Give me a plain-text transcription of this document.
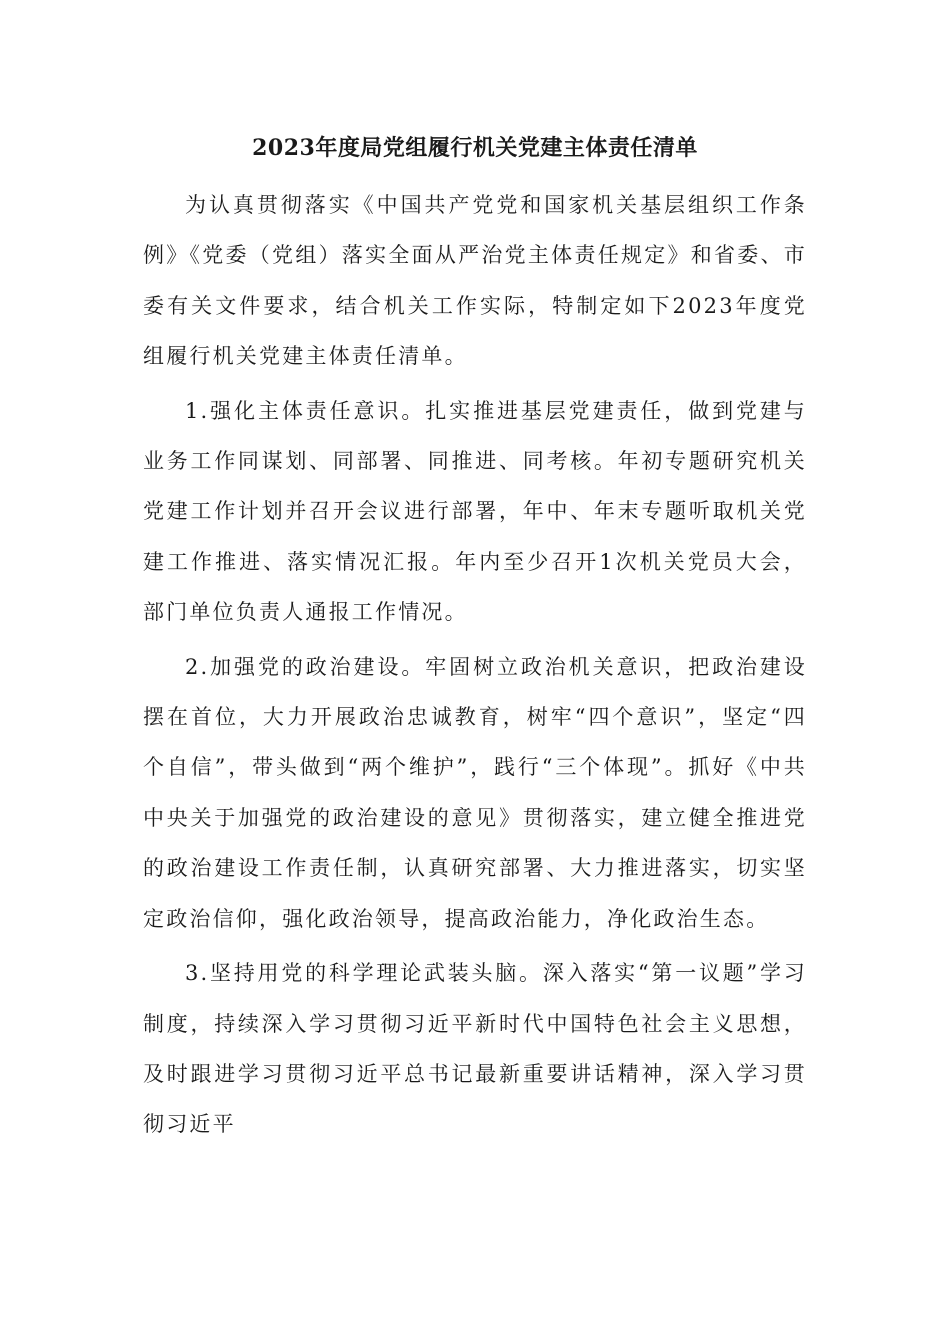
2023年度局党组履行机关党建主体责任清单

为认真贯彻落实《中国共产党党和国家机关基层组织工作条例》《党委（党组）落实全面从严治党主体责任规定》和省委、市委有关文件要求，结合机关工作实际，特制定如下2023年度党组履行机关党建主体责任清单。

1.强化主体责任意识。扎实推进基层党建责任，做到党建与业务工作同谋划、同部署、同推进、同考核。年初专题研究机关党建工作计划并召开会议进行部署，年中、年末专题听取机关党建工作推进、落实情况汇报。年内至少召开1次机关党员大会，部门单位负责人通报工作情况。

2.加强党的政治建设。牢固树立政治机关意识，把政治建设摆在首位，大力开展政治忠诚教育，树牢“四个意识”，坚定“四个自信”，带头做到“两个维护”，践行“三个体现”。抓好《中共中央关于加强党的政治建设的意见》贯彻落实，建立健全推进党的政治建设工作责任制，认真研究部署、大力推进落实，切实坚定政治信仰，强化政治领导，提高政治能力，净化政治生态。

3.坚持用党的科学理论武装头脑。深入落实“第一议题”学习制度，持续深入学习贯彻习近平新时代中国特色社会主义思想，及时跟进学习贯彻习近平总书记最新重要讲话精神，深入学习贯彻习近平
